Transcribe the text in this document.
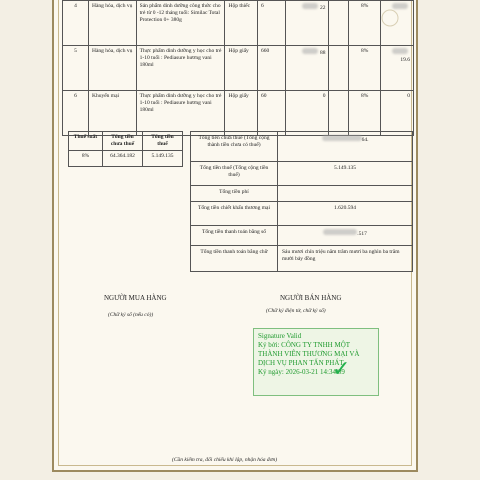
4	Hàng hóa, dịch vụ	Sản phẩm dinh dưỡng công thức cho trẻ từ 0 -12 tháng tuổi: Similac Total Protection 0+ 380g	Hộp thiếc	6	22		8%	
5	Hàng hóa, dịch vụ	Thực phẩm dinh dưỡng y học cho trẻ 1-10 tuổi : Pediasure hương vani 180ml	Hộp giấy	660	88		8%	19.6
6	Khuyến mại	Thực phẩm dinh dưỡng y học cho trẻ 1-10 tuổi : Pediasure hương vani 180ml	Hộp giấy	60	0		8%	0
Thuế suất	Tổng tiền chưa thuế	Tổng tiền thuế
8%	64.364.182	5.149.135
Tổng tiền chưa thuế (Tổng cộng thành tiền chưa có thuế)	64.
Tổng tiền thuế (Tổng cộng tiền thuế)	5.149.135
Tổng tiền phí	
Tổng tiền chiết khấu thương mại	1.620.594
Tổng tiền thanh toán bằng số	.517
Tổng tiền thanh toán bằng chữ	Sáu mươi chín triệu năm trăm mươi ba nghìn ba trăm mười bảy đồng
NGƯỜI MUA HÀNG	NGƯỜI BÁN HÀNG
(Chữ ký số (nếu có))
(Chữ ký điện tử, chữ ký số)
Signature Valid
Ký bởi: CÔNG TY TNHH MỘT THÀNH VIÊN THƯƠNG MẠI VÀ DỊCH VỤ PHAN TẤN PHÁT
Ký ngày: 2026-03-21 14:34:09
✓
(Cần kiểm tra, đối chiếu khi lập, nhận hóa đơn)
